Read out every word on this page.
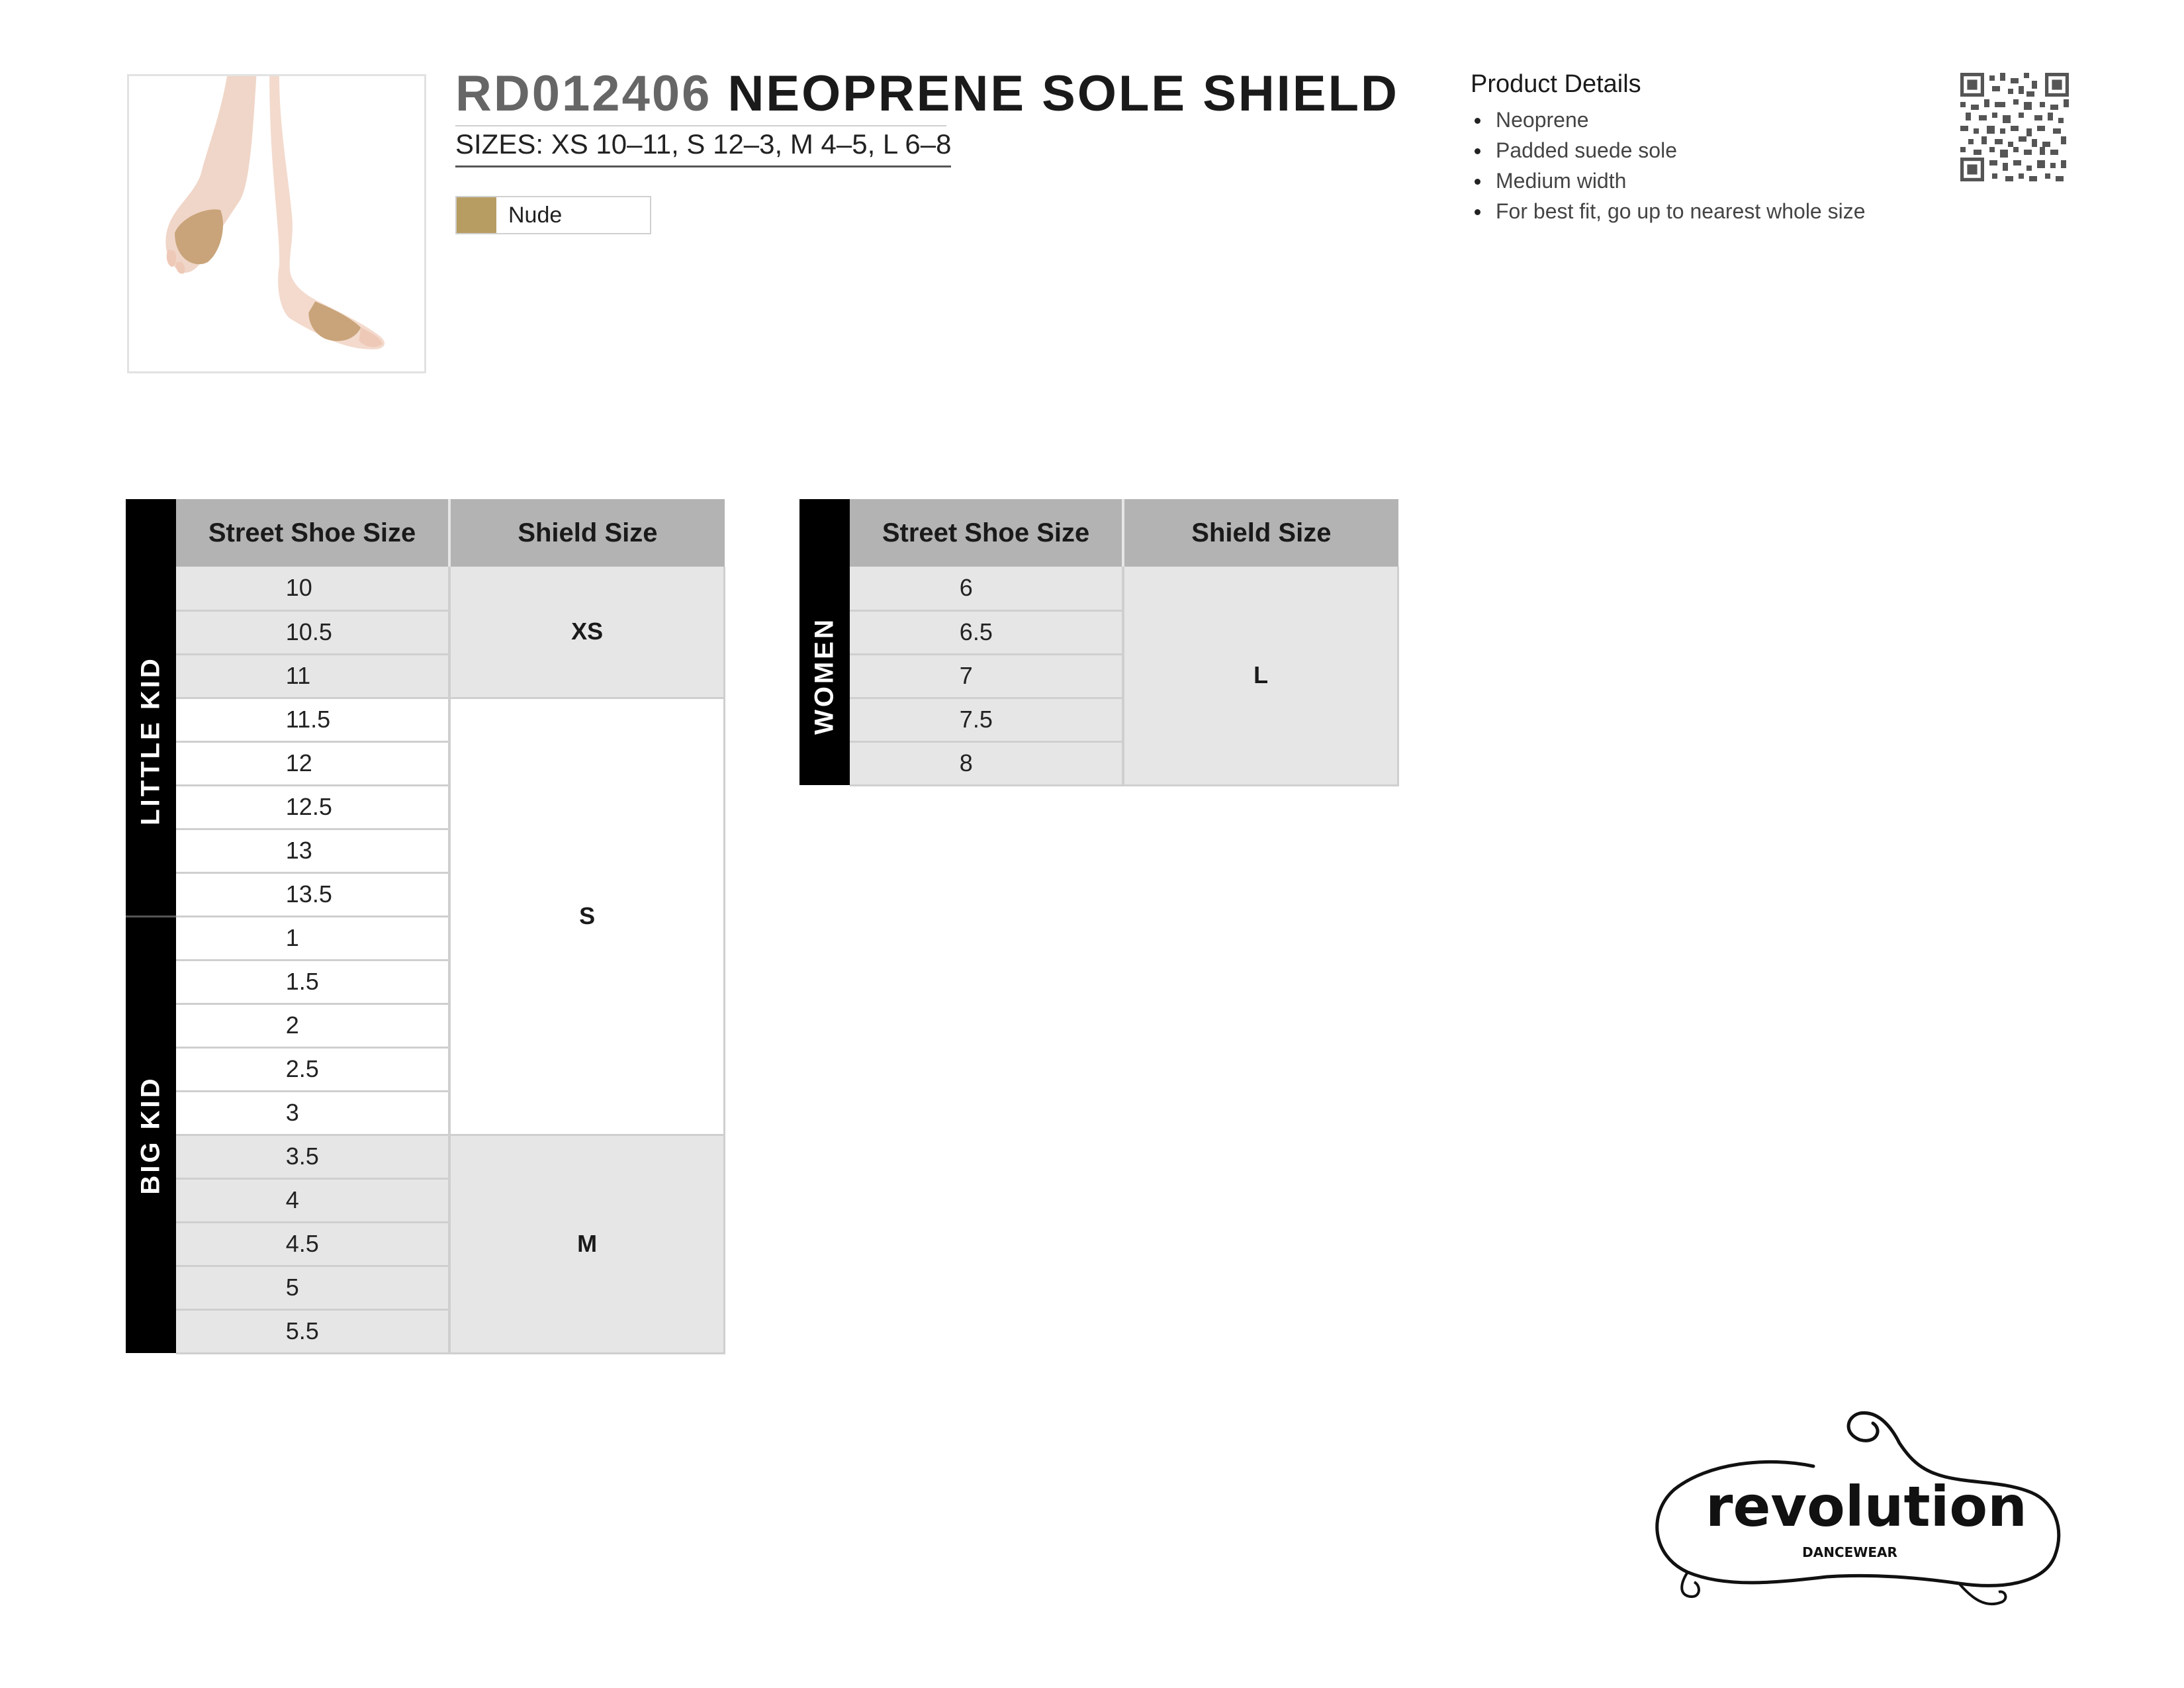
RD012406 NEOPRENE SOLE SHIELD
SIZES: XS 10–11, S 12–3, M 4–5, L 6–8
Nude
Product Details
Neoprene
Padded suede sole
Medium width
For best fit, go up to nearest whole size
	Street Shoe Size	Shield Size

LITTLE KID	10	XS
	10.5	
	11	
	11.5	S
	12	
	12.5	
	13	
	13.5	

BIG KID	1	
	1.5	
	2	
	2.5	
	3	
	3.5	M
	4	
	4.5	
	5	
	5.5	
	Street Shoe Size	Shield Size

WOMEN	6	L
	6.5	
	7	
	7.5	
	8	
revolution
DANCEWEAR
